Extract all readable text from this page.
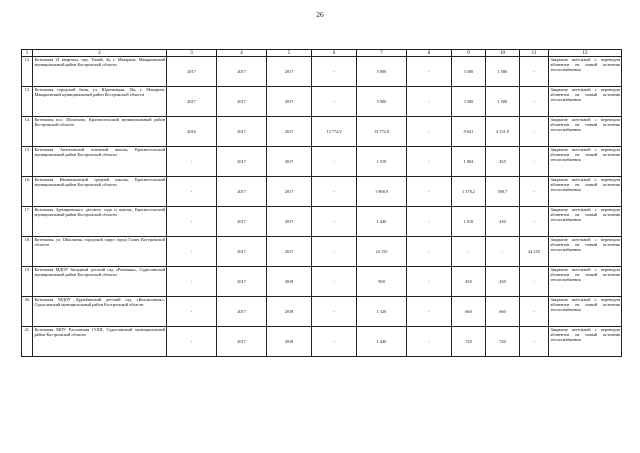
26
1	2	3	4	5	6	7	8	9	10	11	12
12.	Котельная 21 квартала, пер. Тихий, 4а, г. Макарьев, Макарьевский муниципальный район Костромской области	2017	2017	2017	-	5 000	-	3 500	1 500	-	Закрытие котельной с переводом абонентов на новый источник теплоснабжения
13.	Котельная городской бани, ул. Юрьевецкая, 18а, г. Макарьев, Макарьевский муниципальный район Костромской области	2017	2017	2017	-	5 000	-	3 500	1 500	-	Закрытие котельной с переводом абонентов на новый источник теплоснабжения
14.	Котельная пос. Шолохово, Красносельский муниципальный район Костромской области	2016	2017	2017	13 772,9	13 772,9	-	9 641	4 131,9	-	Закрытие котельной с переводом абонентов на новый источник теплоснабжения
15.	Котельная Антоновской основной школы, Красносельский муниципальный район Костромской области	-	2017	2017	-	1 518	-	1 063	455	-	Закрытие котельной с переводом абонентов на новый источник теплоснабжения
16.	Котельная Иконниковской средней школы, Красносельский муниципальный район Костромской области	-	2017	2017	-	1 968,9	-	1 378,2	590,7	-	Закрытие котельной с переводом абонентов на новый источник теплоснабжения
17.	Котельная Здемировского детского сада и школы, Красносельский муниципальный район Костромской области	-	2017	2017	-	1 440	-	1 010	430	-	Закрытие котельной с переводом абонентов на новый источник теплоснабжения
18.	Котельная, ул. Школьная, городской округ город Галич Костромской области	-	2017	2017	-	24 155	-	-	-	24 155	Закрытие котельной с переводом абонентов на новый источник теплоснабжения
19.	Котельная МДОУ Западный детский сад «Ромашка», Судиславский муниципальный район Костромской области	-	2017	2018	-	900	-	450	450	-	Закрытие котельной с переводом абонентов на новый источник теплоснабжения
20.	Котельная МДОУ Дружбинский детский сад «Колокольчик», Судиславский муниципальный район Костромской области	-	2017	2018	-	1 320	-	660	660	-	Закрытие котельной с переводом абонентов на новый источник теплоснабжения
21.	Котельная МОУ Расловская СОШ, Судиславский муниципальный район Костромской области	-	2017	2018	-	1 440	-	720	720	-	Закрытие котельной с переводом абонентов на новый источник теплоснабжения
